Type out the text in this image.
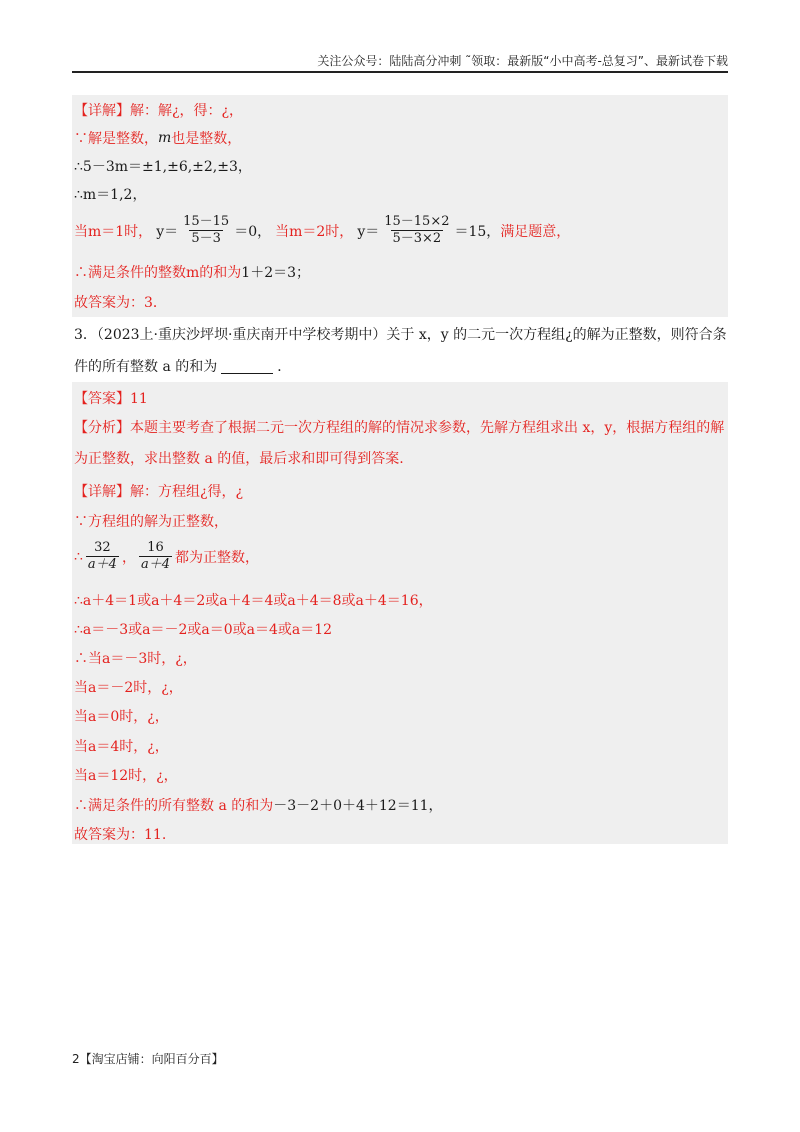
关注公众号：陆陆高分冲刺 ˜领取：最新版“小中高考-总复习”、最新试卷下载
【详解】 解：解¿，得：¿，
∵解是整数， m 也是整数，
∴5－3m＝±1,±6,±2,±3，
∴m＝1,2，
当m＝1时， $y= \frac{15-15}{5-3} =0$， 当m＝2时， $y= \frac{15-15\times 2}{5-3\times 2} =15$， 满足题意，
∴满足条件的整数m的和为 1＋2＝3；
故答案为：3．
3．（2023上·重庆沙坪坝·重庆南开中学校考期中）关于 x，y 的二元一次方程组¿的解为正整数，则符合条
件的所有整数 a 的和为	．
【答案】11
【分析】本题主要考查了根据二元一次方程组的解的情况求参数，先解方程组求出 x，y，根据方程组的解
为正整数，求出整数 a 的值，最后求和即可得到答案.
【详解】 解：方程组¿得，¿
∵方程组的解为正整数，
∴ $\frac{32}{a+4}$ ， $\frac{16}{a+4}$ 都为正整数，
∴a＋4＝1或a＋4＝2或a＋4＝4或a＋4＝8或a＋4＝16，
∴a＝－3或a＝－2或a＝0或a＝4或a＝12
∴当a＝－3时，¿，
当a＝－2时，¿，
当a＝0时，¿，
当a＝4时，¿，
当a＝12时，¿，
∴满足条件的所有整数 a 的和为 －3－2＋0＋4＋12＝11，
故答案为：11.
2【淘宝店铺：向阳百分百】
